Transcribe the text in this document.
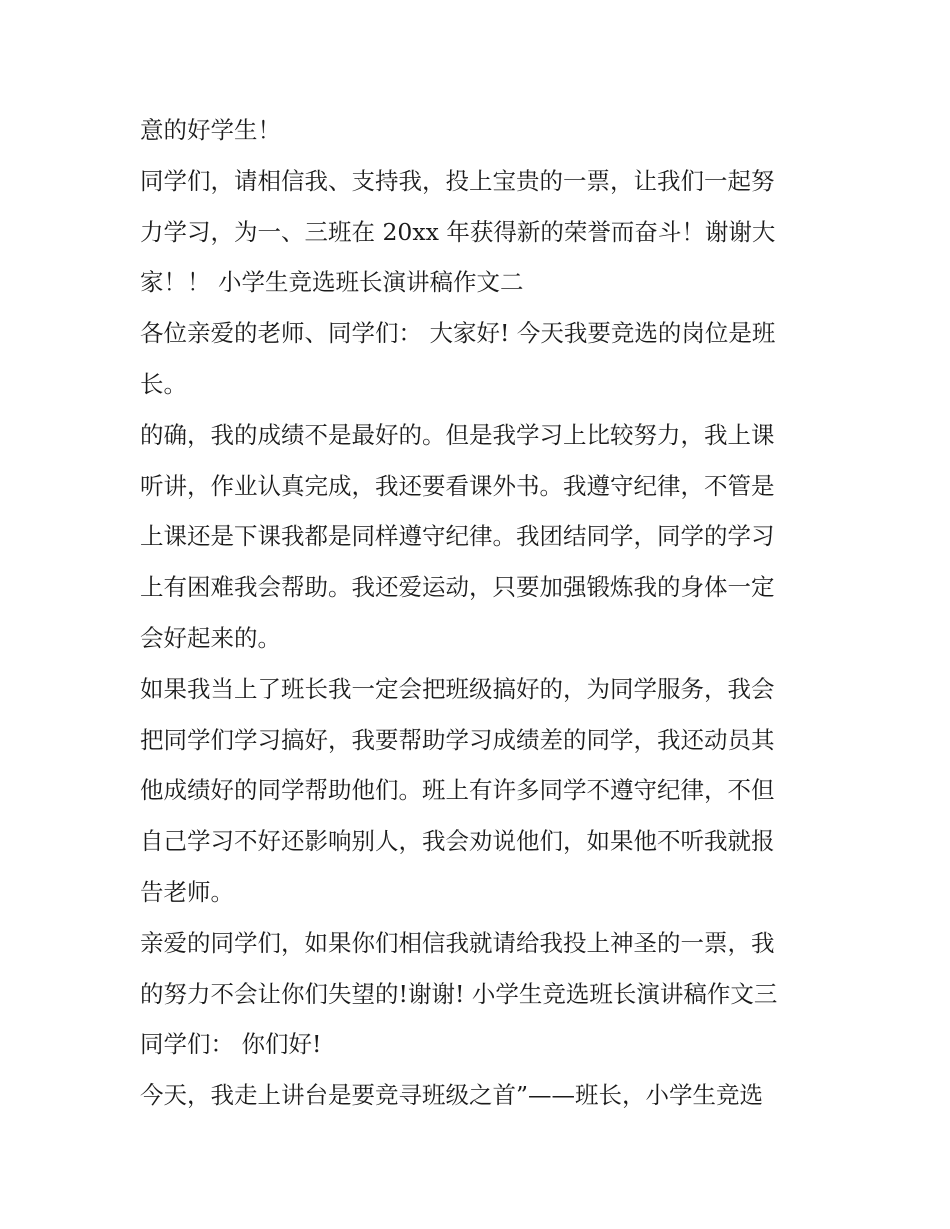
意的好学生！
同学们，请相信我、支持我，投上宝贵的一票，让我们一起努
力学习，为一、三班在 20xx 年获得新的荣誉而奋斗！谢谢大
家！！ 小学生竞选班长演讲稿作文二
各位亲爱的老师、同学们： 大家好! 今天我要竞选的岗位是班
长。
的确，我的成绩不是最好的。但是我学习上比较努力，我上课
听讲，作业认真完成，我还要看课外书。我遵守纪律，不管是
上课还是下课我都是同样遵守纪律。我团结同学，同学的学习
上有困难我会帮助。我还爱运动，只要加强锻炼我的身体一定
会好起来的。
如果我当上了班长我一定会把班级搞好的，为同学服务，我会
把同学们学习搞好，我要帮助学习成绩差的同学，我还动员其
他成绩好的同学帮助他们。班上有许多同学不遵守纪律，不但
自己学习不好还影响别人，我会劝说他们，如果他不听我就报
告老师。
亲爱的同学们，如果你们相信我就请给我投上神圣的一票，我
的努力不会让你们失望的!谢谢! 小学生竞选班长演讲稿作文三
同学们： 你们好!
今天，我走上讲台是要竞寻班级之首”——班长，小学生竞选
